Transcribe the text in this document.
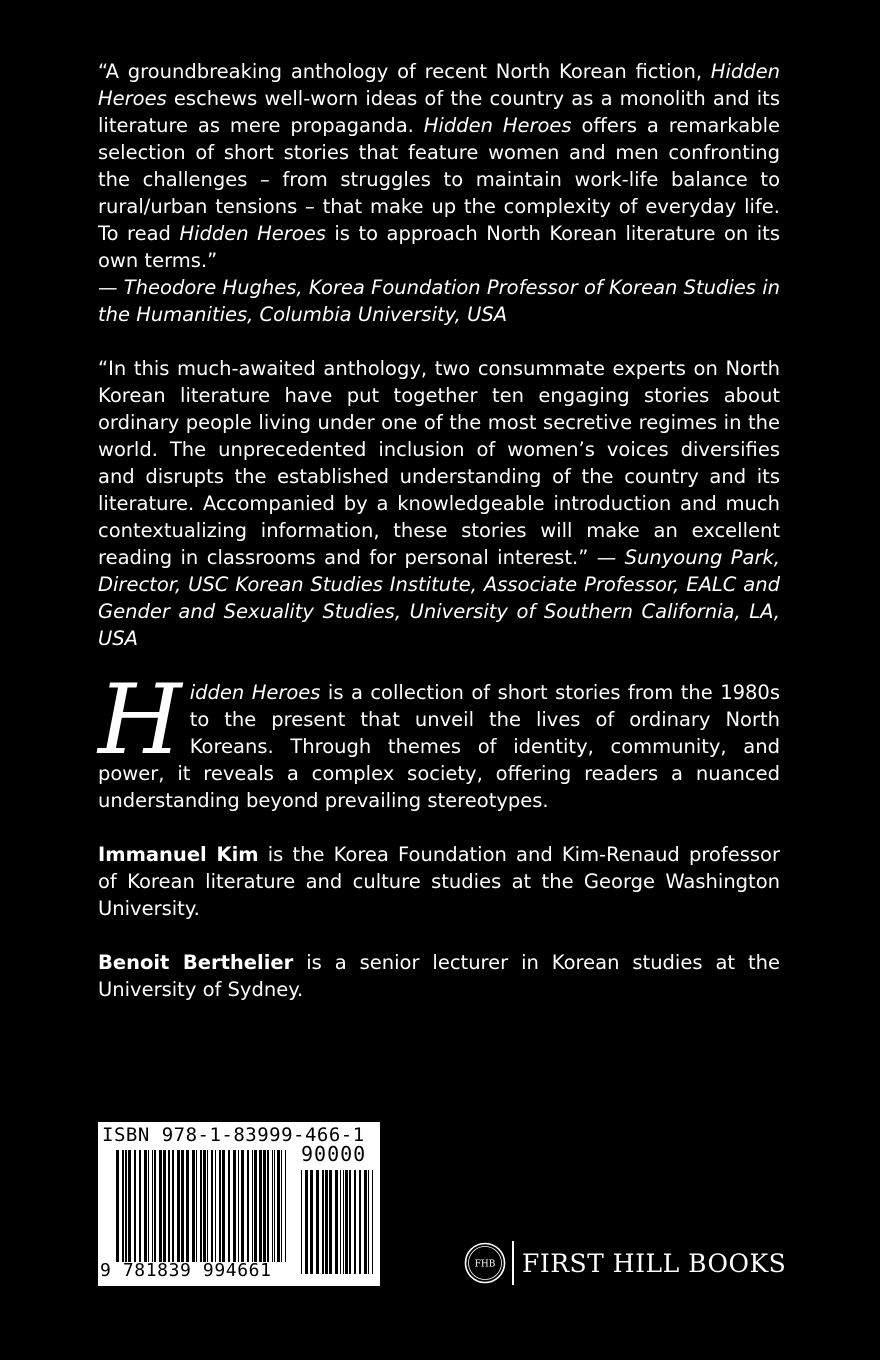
“A groundbreaking anthology of recent North Korean fiction, Hidden Heroes eschews well-worn ideas of the country as a monolith and its literature as mere propaganda. Hidden Heroes offers a remarkable selection of short stories that feature women and men confronting the challenges – from struggles to maintain work-life balance to rural/urban tensions – that make up the complexity of everyday life. To read Hidden Heroes is to approach North Korean literature on its own terms.”
— Theodore Hughes, Korea Foundation Professor of Korean Studies in the Humanities, Columbia University, USA

“In this much-awaited anthology, two consummate experts on North Korean literature have put together ten engaging stories about ordinary people living under one of the most secretive regimes in the world. The unprecedented inclusion of women’s voices diversifies and disrupts the established understanding of the country and its literature. Accompanied by a knowledgeable introduction and much contextualizing information, these stories will make an excellent reading in classrooms and for personal interest.” — Sunyoung Park, Director, USC Korean Studies Institute, Associate Professor, EALC and Gender and Sexuality Studies, University of Southern California, LA, USA

Hidden Heroes is a collection of short stories from the 1980s to the present that unveil the lives of ordinary North Koreans. Through themes of identity, community, and power, it reveals a complex society, offering readers a nuanced understanding beyond prevailing stereotypes.

Immanuel Kim is the Korea Foundation and Kim-Renaud professor of Korean literature and culture studies at the George Washington University.

Benoit Berthelier is a senior lecturer in Korean studies at the University of Sydney.

ISBN 978-1-83999-466-1
90000
9 781839 994661	FHB FIRST HILL BOOKS
